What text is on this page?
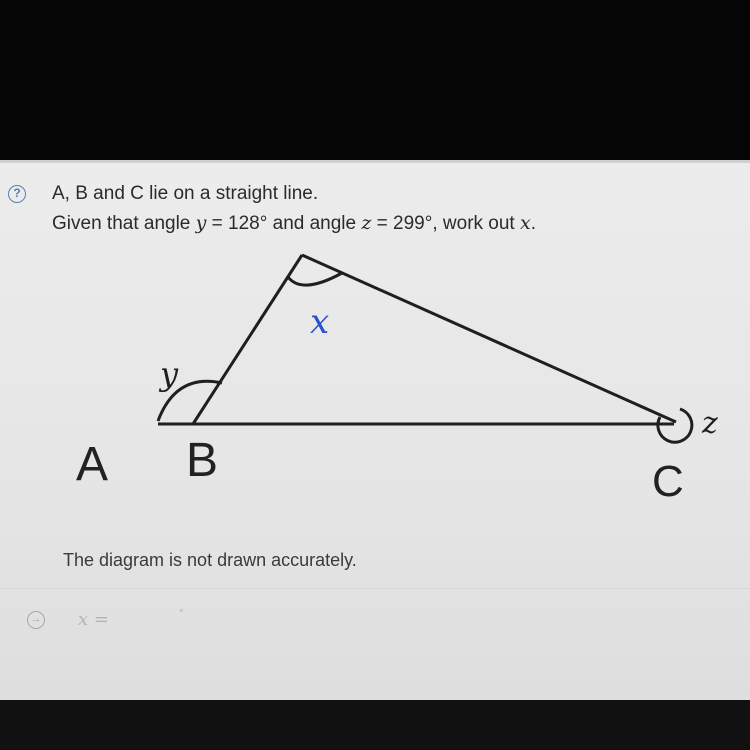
? A, B and C lie on a straight line.
Given that angle y = 128° and angle z = 299°, work out x.
x
y
z
A B	C
The diagram is not drawn accurately.
→ x =	°
